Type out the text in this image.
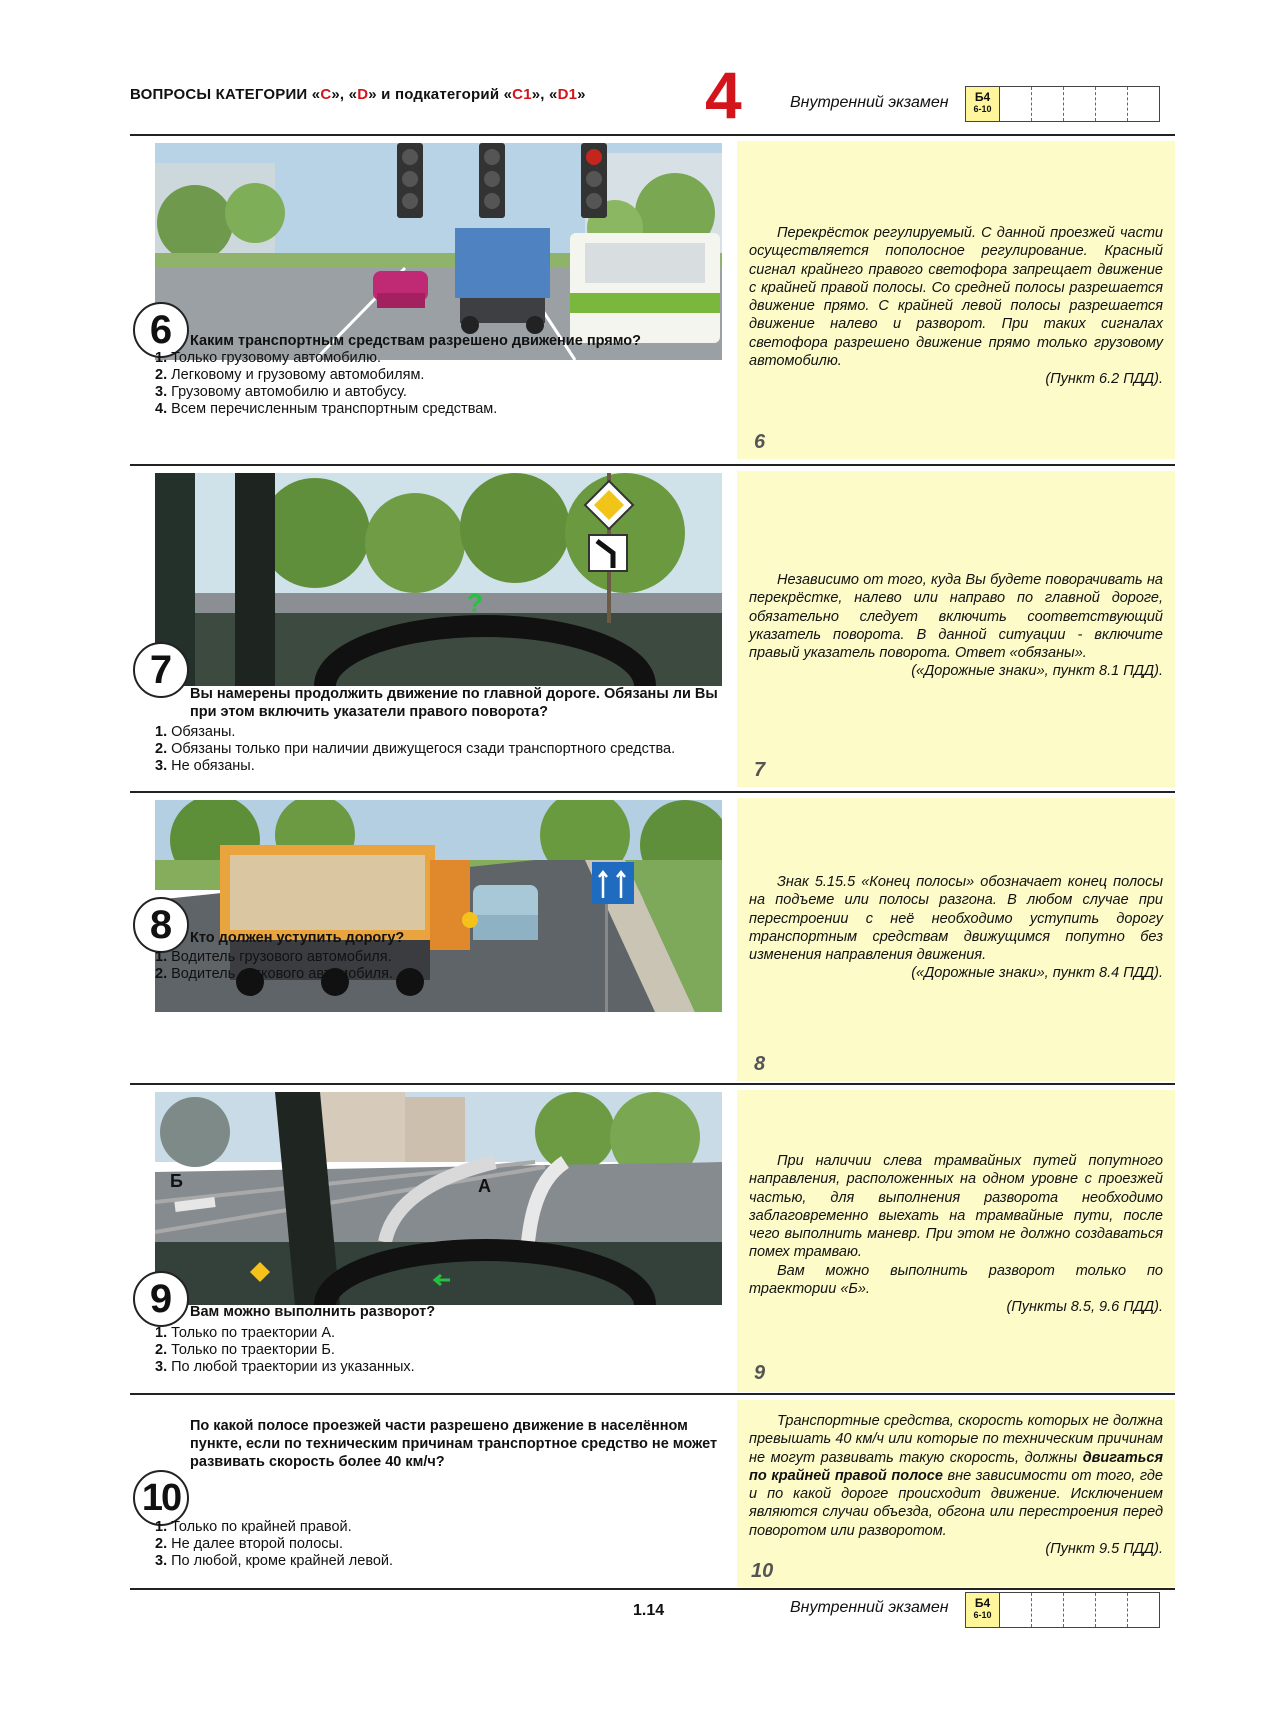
ВОПРОСЫ КАТЕГОРИИ «C», «D» и подкатегорий «C1», «D1» 4	Внутренний экзамен	Б4
6-10
6	Каким транспортным средствам разрешено движение прямо?
1. Только грузовому автомобилю.
2. Легковому и грузовому автомобилям.
3. Грузовому автомобилю и автобусу.
4. Всем перечисленным транспортным средствам.

Перекрёсток регулируемый. С данной проезжей части осуществляется пополосное регулирование. Красный сигнал крайнего правого светофора запрещает движение с крайней правой полосы. Со средней полосы разрешается движение прямо. С крайней левой полосы разрешается движение налево и разворот. При таких сигналах светофора разрешено движение прямо только грузовому автомобилю.

(Пункт 6.2 ПДД).

6
?
7
Вы намерены продолжить движение по главной дороге. Обязаны ли Вы при этом включить указатели правого поворота?
1. Обязаны.
2. Обязаны только при наличии движущегося сзади транспортного средства.
3. Не обязаны.

Независимо от того, куда Вы будете поворачивать на перекрёстке, налево или направо по главной дороге, обязательно следует включить соответствующий указатель поворота. В данной ситуации - включите правый указатель поворота. Ответ «обязаны».

(«Дорожные знаки», пункт 8.1 ПДД).

7
8	Кто должен уступить дорогу?
1. Водитель грузового автомобиля.
2. Водитель легкового автомобиля.

Знак 5.15.5 «Конец полосы» обозначает конец полосы на подъеме или полосы разгона. В любом случае при перестроении с неё необходимо уступить дорогу транспортным средствам движущимся попутно без изменения направления движения.

(«Дорожные знаки», пункт 8.4 ПДД).

8
Б	А
9	Вам можно выполнить разворот?
1. Только по траектории А.
2. Только по траектории Б.
3. По любой траектории из указанных.

При наличии слева трамвайных путей попутного направления, расположенных на одном уровне с проезжей частью, для выполнения разворота необходимо заблаговременно выехать на трамвайные пути, после чего выполнить маневр. При этом не должно создаваться помех трамваю.

Вам можно выполнить разворот только по траектории «Б».

(Пункты 8.5, 9.6 ПДД).

9
10
По какой полосе проезжей части разрешено движение в населённом пункте, если по техническим причинам транспортное средство не может развивать скорость более 40 км/ч?
1. Только по крайней правой.
2. Не далее второй полосы.
3. По любой, кроме крайней левой.

Транспортные средства, скорость которых не должна превышать 40 км/ч или которые по техническим причинам не могут развивать такую скорость, должны двигаться по крайней правой полосе вне зависимости от того, где и по какой дороге происходит движение. Исключением являются случаи объезда, обгона или перестроения перед поворотом или разворотом.

(Пункт 9.5 ПДД).

10
1.14	Внутренний экзамен	Б4
6-10
